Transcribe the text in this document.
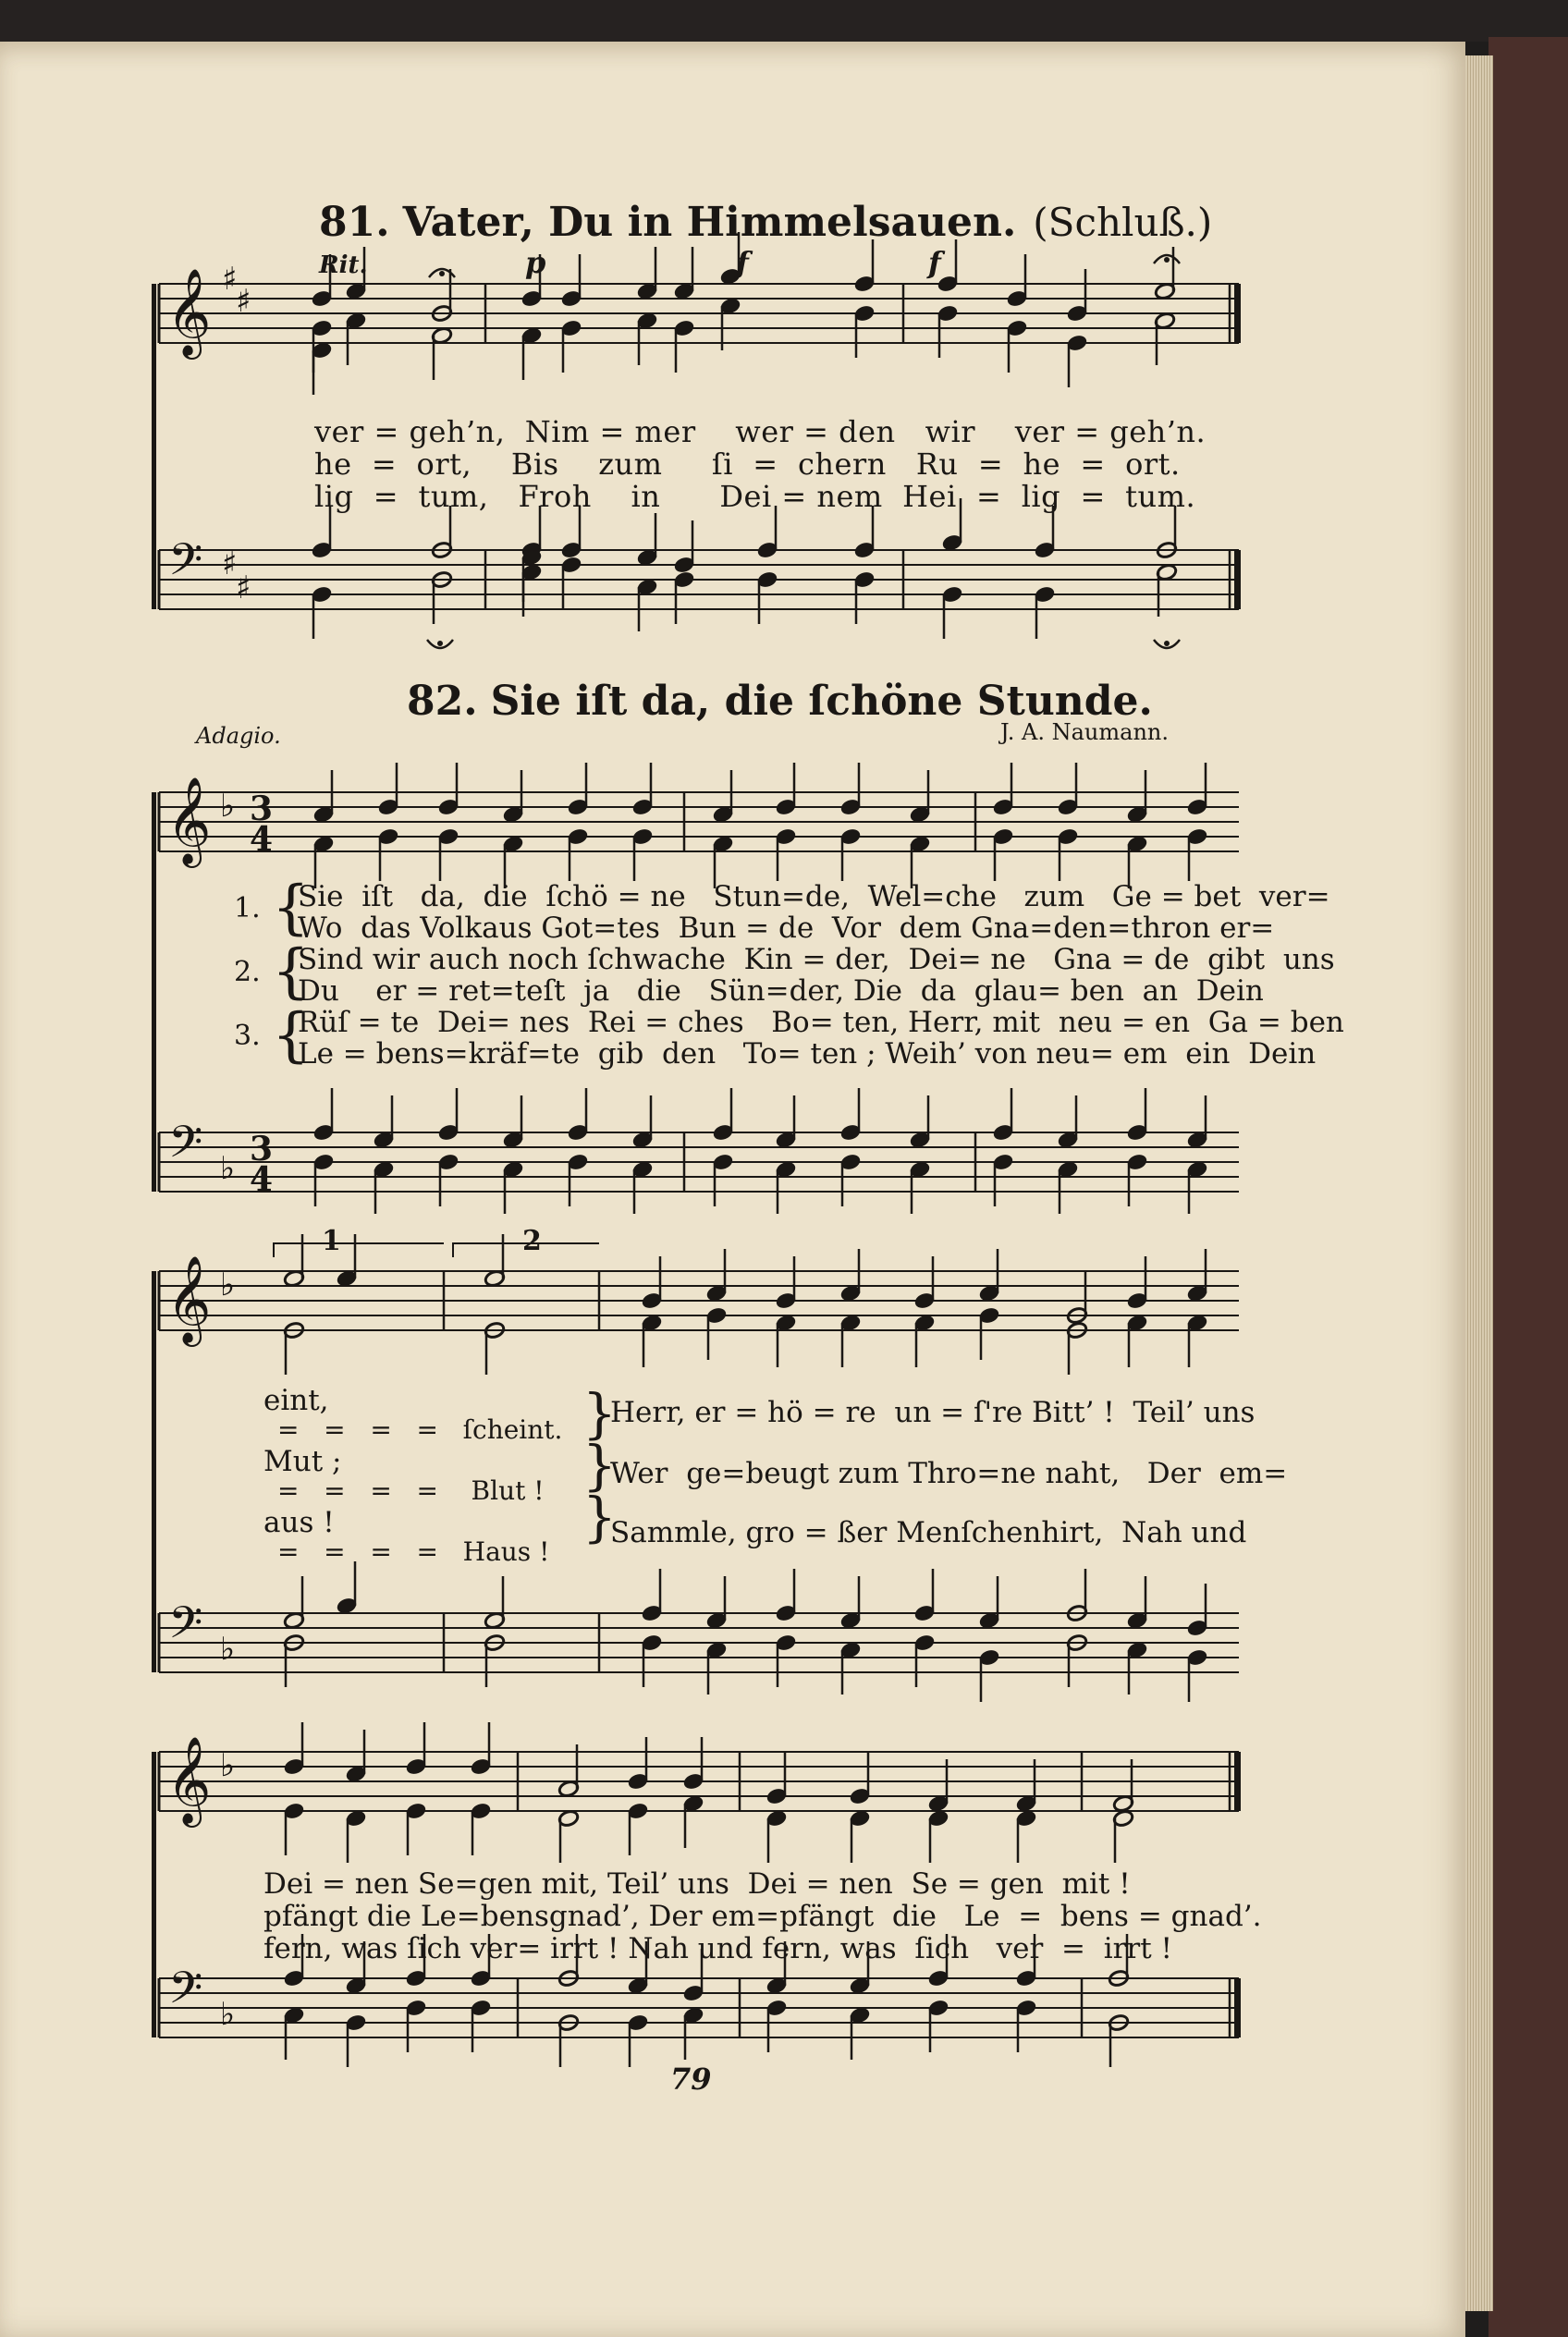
𝄞
𝄢
♯
♯
♯
♯
𝄞
𝄢
♭
♭
3
4
3
4
𝄞
𝄢
♭
♭
𝄞
𝄢
♭
♭
81. Vater, Du in Himmelsauen. (Schluß.)
Rit.	p	f	f
ver = geh’n,  Nim = mer    wer = den   wir    ver = geh’n.
he  =  ort,    Bis    zum     ſi  =  chern   Ru  =  he  =  ort.
lig  =  tum,   Froh    in      Dei = nem  Hei  =  lig  =  tum.
82. Sie iſt da, die ſchöne Stunde.
Adagio.	J. A. Naumann.
1.
2.
3.
{
{
{
Sie  iſt   da,  die  ſchö = ne   Stun=de,  Wel=che   zum   Ge = bet  ver=
Wo  das Volkaus Got=tes  Bun = de  Vor  dem Gna=den=thron er=
Sind wir auch noch ſchwache  Kin = der,  Dei= ne   Gna = de  gibt  uns
Du    er = ret=teſt  ja   die   Sün=der, Die  da  glau= ben  an  Dein
Rüſ = te  Dei= nes  Rei = ches   Bo= ten, Herr, mit  neu = en  Ga = ben
Le = bens=kräf=te  gib  den   To= ten ; Weih’ von neu= em  ein  Dein
1	2
eint,
=   =   =   =   ſcheint.
Mut ;
=   =   =   =    Blut !
aus !
=   =   =   =   Haus !
}
}
}
Herr, er = hö = re  un = ſ're Bitt’ !  Teil’ uns
Wer  ge=beugt zum Thro=ne naht,   Der  em=
Sammle, gro = ßer Menſchenhirt,  Nah und
Dei = nen Se=gen mit, Teil’ uns  Dei = nen  Se = gen  mit !
pfängt die Le=bensgnad’, Der em=pfängt  die   Le  =  bens = gnad’.
fern, was ſich ver= irrt ! Nah und fern, was  ſich   ver  =  irrt !
79
